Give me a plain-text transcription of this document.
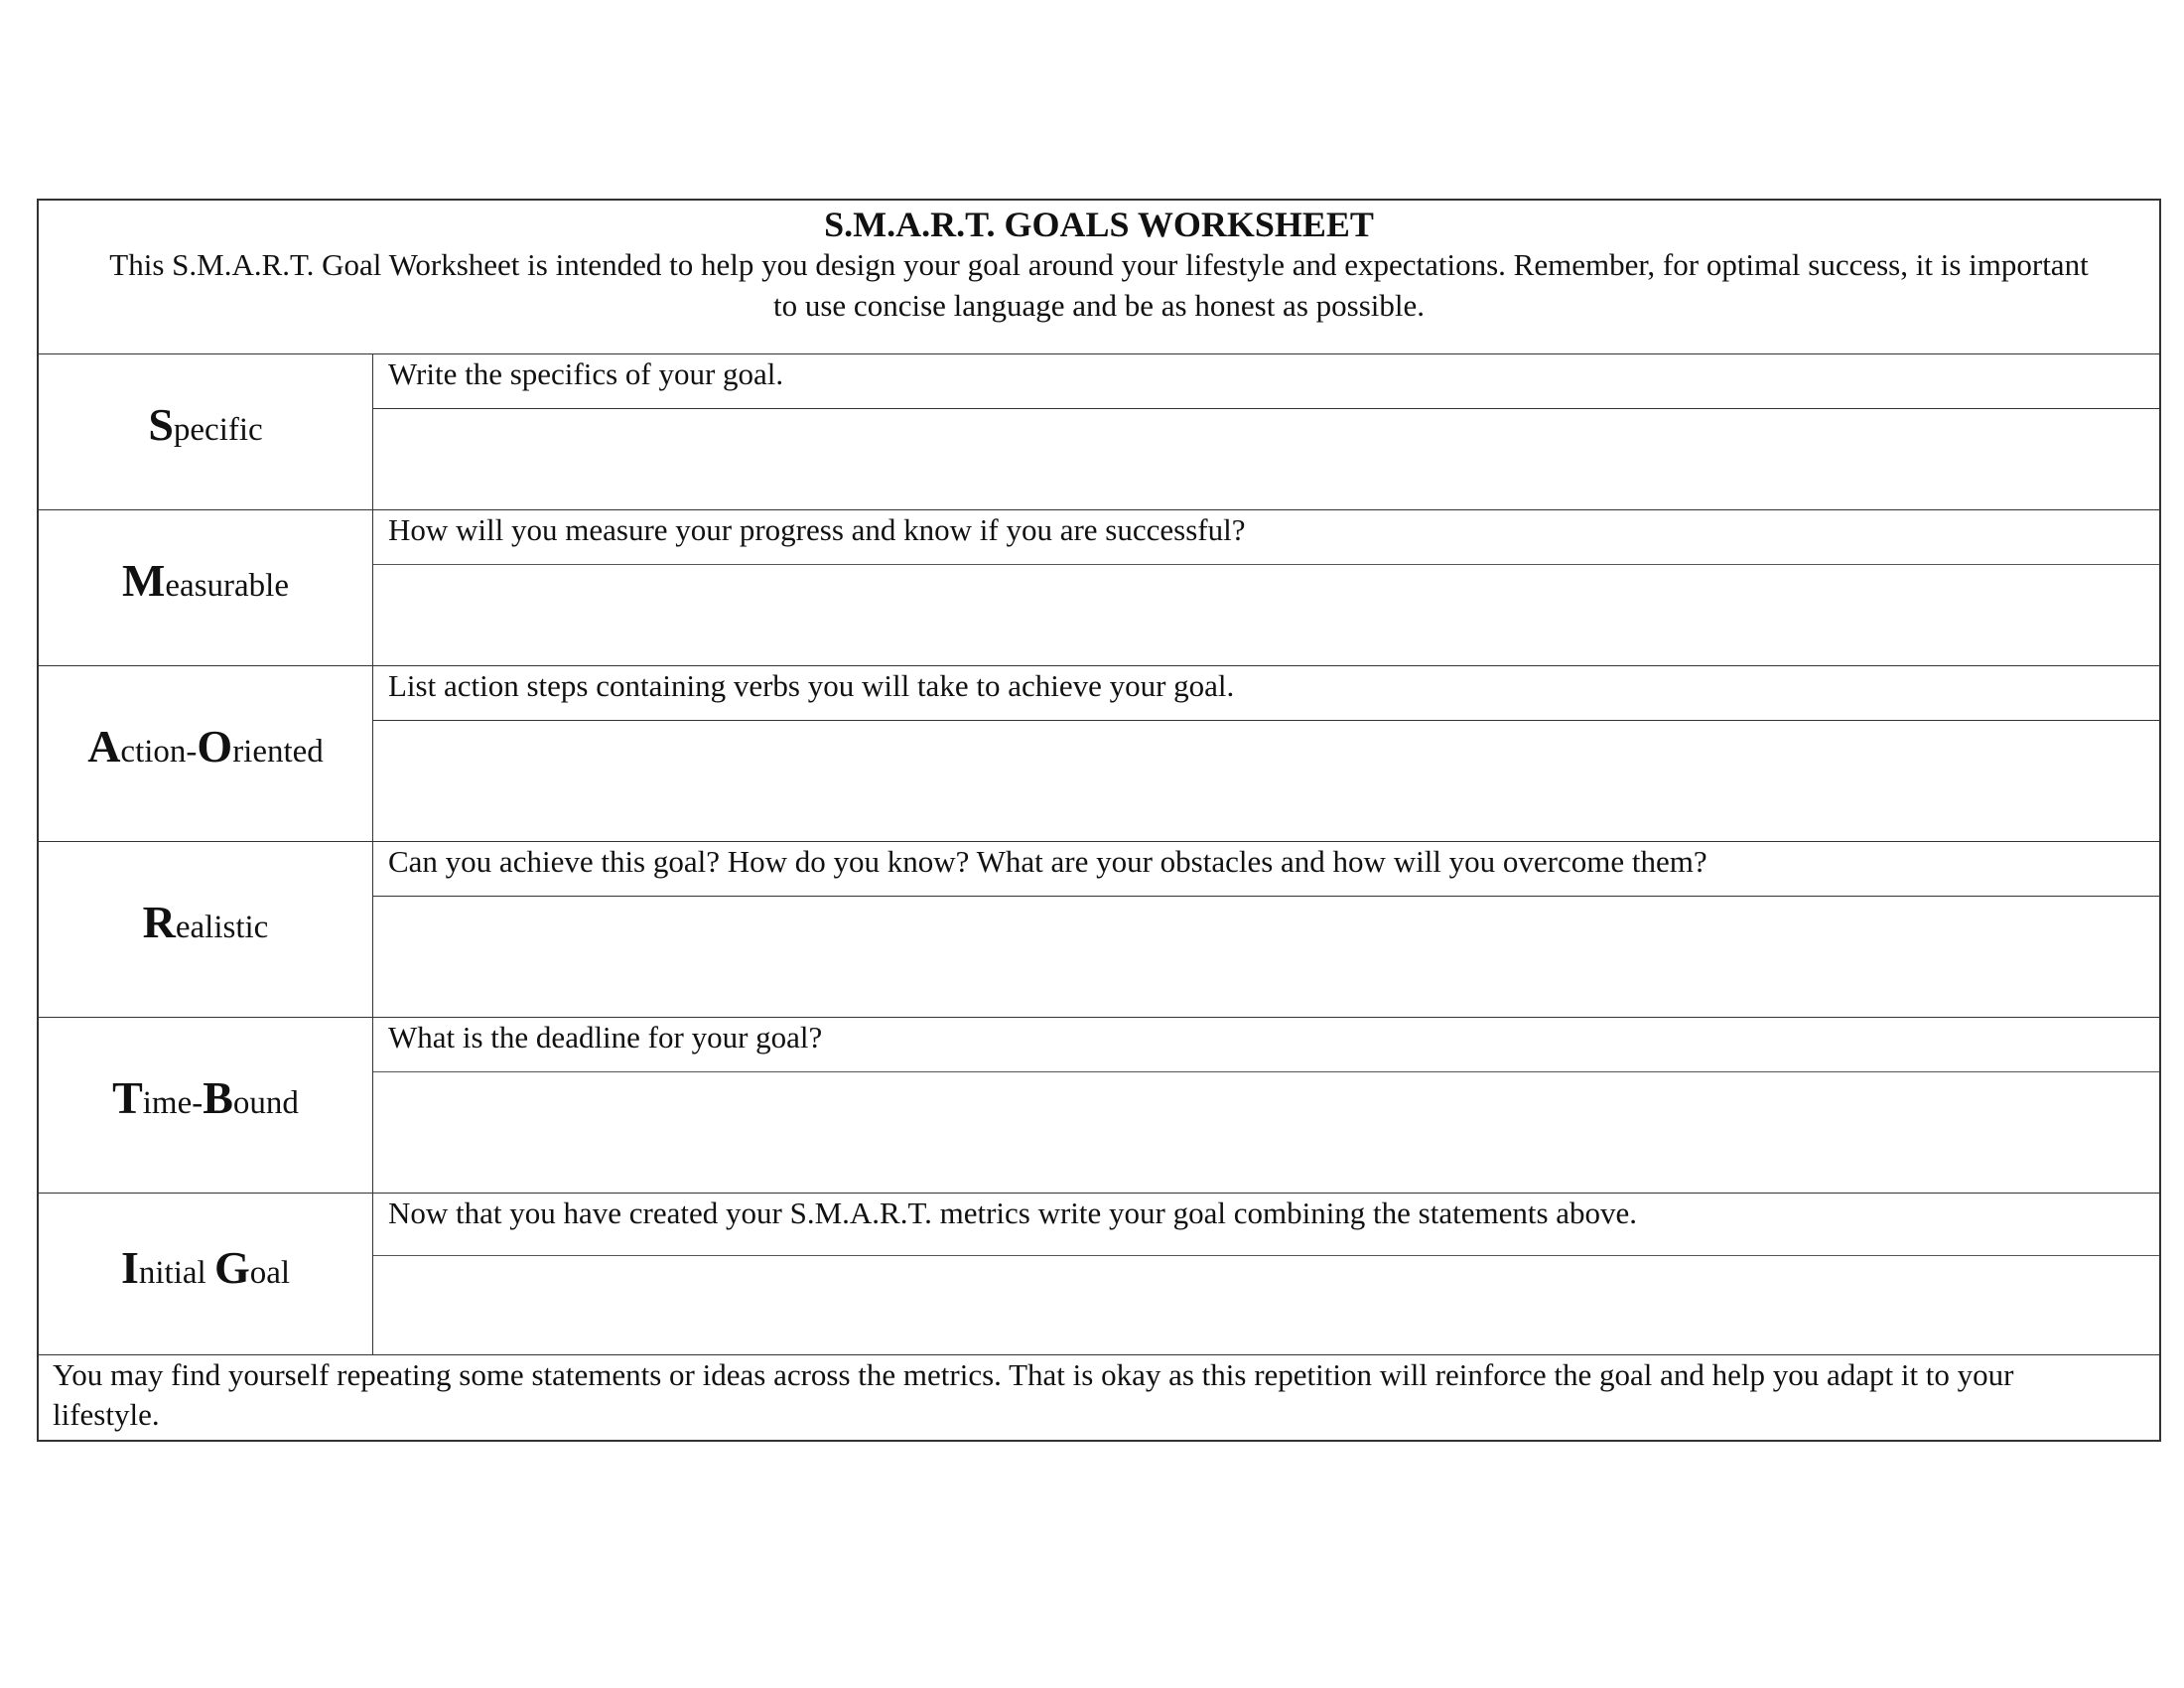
S.M.A.R.T. GOALS WORKSHEET
This S.M.A.R.T. Goal Worksheet is intended to help you design your goal around your lifestyle and expectations. Remember, for optimal success, it is important to use concise language and be as honest as possible.
Specific
Write the specifics of your goal.
Measurable
How will you measure your progress and know if you are successful?
Action-Oriented
List action steps containing verbs you will take to achieve your goal.
Realistic
Can you achieve this goal? How do you know? What are your obstacles and how will you overcome them?
Time-Bound
What is the deadline for your goal?
Initial Goal
Now that you have created your S.M.A.R.T. metrics write your goal combining the statements above.
You may find yourself repeating some statements or ideas across the metrics. That is okay as this repetition will reinforce the goal and help you adapt it to your lifestyle.
